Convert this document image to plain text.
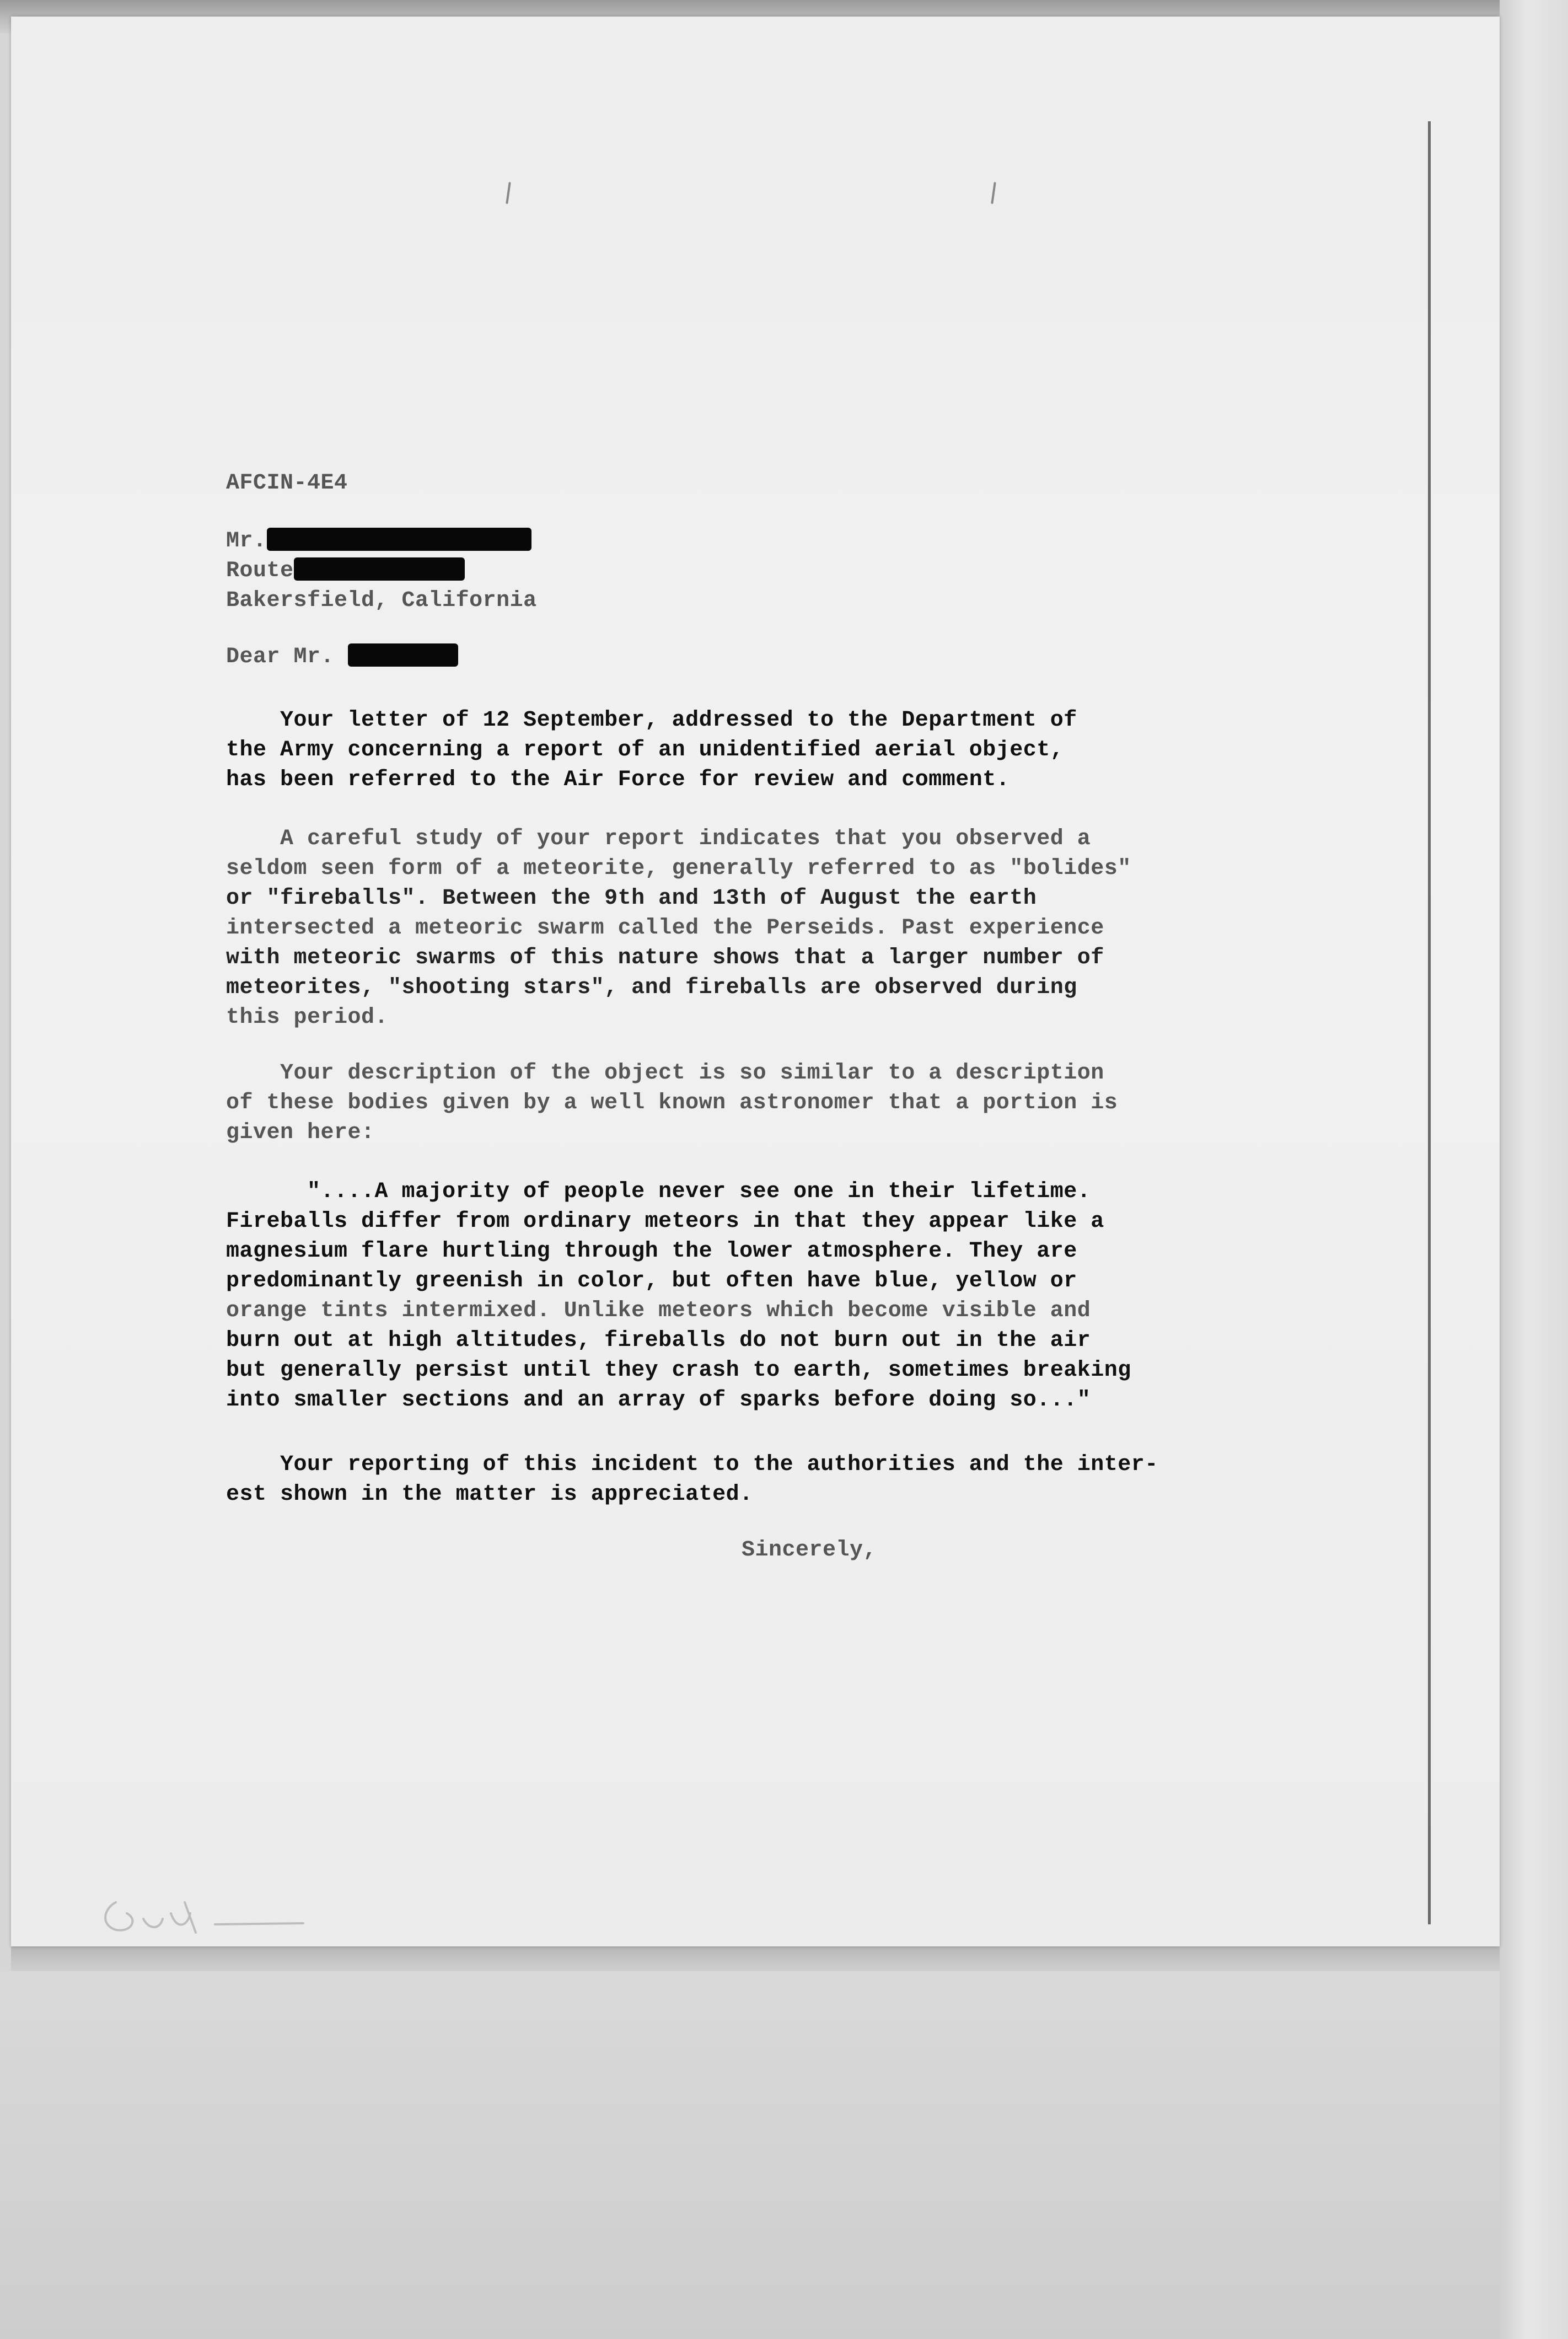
AFCIN-4E4
Mr.
Route
Bakersfield, California
Dear Mr.
Your letter of 12 September, addressed to the Department of
the Army concerning a report of an unidentified aerial object,
has been referred to the Air Force for review and comment.
A careful study of your report indicates that you observed a
seldom seen form of a meteorite, generally referred to as "bolides"
or "fireballs". Between the 9th and 13th of August the earth
intersected a meteoric swarm called the Perseids. Past experience
with meteoric swarms of this nature shows that a larger number of
meteorites, "shooting stars", and fireballs are observed during
this period.
Your description of the object is so similar to a description
of these bodies given by a well known astronomer that a portion is
given here:
"....A majority of people never see one in their lifetime.
Fireballs differ from ordinary meteors in that they appear like a
magnesium flare hurtling through the lower atmosphere. They are
predominantly greenish in color, but often have blue, yellow or
orange tints intermixed. Unlike meteors which become visible and
burn out at high altitudes, fireballs do not burn out in the air
but generally persist until they crash to earth, sometimes breaking
into smaller sections and an array of sparks before doing so..."
Your reporting of this incident to the authorities and the inter-
est shown in the matter is appreciated.
Sincerely,
